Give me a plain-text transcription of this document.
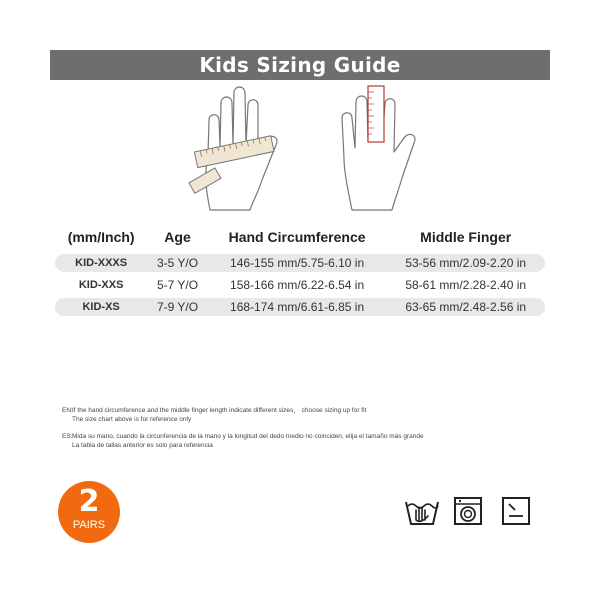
Kids Sizing Guide
(mm/Inch)	Age	Hand Circumference	Middle Finger
KID-XXXS	3-5 Y/O	146-155 mm/5.75-6.10 in	53-56 mm/2.09-2.20 in
KID-XXS	5-7 Y/O	158-166 mm/6.22-6.54 in	58-61 mm/2.28-2.40 in
KID-XS	7-9 Y/O	168-174 mm/6.61-6.85 in	63-65 mm/2.48-2.56 in
EN: If the hand circumference and the middle finger length indicate different sizes， choose sizing up for fit
The size chart above is for reference only
ES: Mida su mano, cuando la circunferencia de la mano y la longitud del dedo medio no coinciden, elija el tamaño más grande
La tabla de tallas anterior es solo para referencia
2
PAIRS
